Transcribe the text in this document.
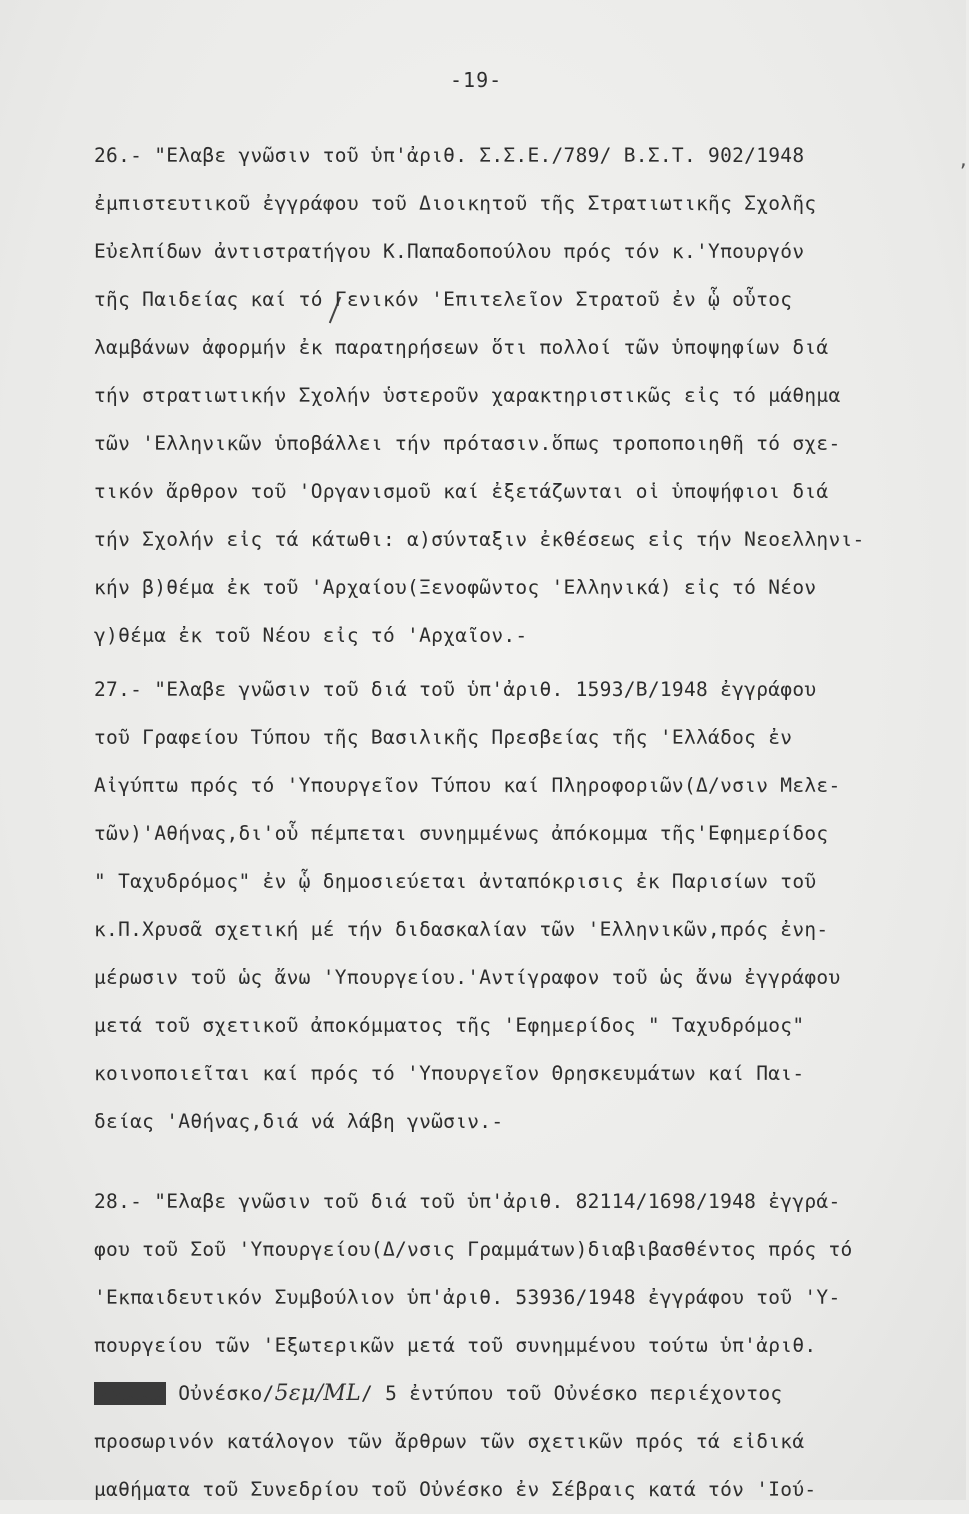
-19-
,
26.- "Ελαβε γνῶσιν τοῦ ὑπ'ἀριθ. Σ.Σ.Ε./789/ Β.Σ.Τ. 902/1948
ἐμπιστευτικοῦ ἐγγράφου τοῦ Διοικητοῦ τῆς Στρατιωτικῆς Σχολῆς
Εὐελπίδων ἀντιστρατήγου Κ.Παπαδοπούλου πρός τόν κ.'Υπουργόν
τῆς Παιδείας καί τό Γενικόν 'Επιτελεῖον Στρατοῦ ἐν ᾧ οὗτος
λαμβάνων ἀφορμήν ἐκ παρατηρήσεων ὅτι πολλοί τῶν ὑποψηφίων διά
τήν στρατιωτικήν Σχολήν ὑστεροῦν χαρακτηριστικῶς εἰς τό μάθημα
τῶν 'Ελληνικῶν ὑποβάλλει τήν πρότασιν.ὅπως τροποποιηθῆ τό σχε-
τικόν ἄρθρον τοῦ 'Οργανισμοῦ καί ἐξετάζωνται οἱ ὑποψήφιοι διά
τήν Σχολήν εἰς τά κάτωθι: α)σύνταξιν ἐκθέσεως εἰς τήν Νεοελληνι-
κήν β)θέμα ἐκ τοῦ 'Αρχαίου(Ξενοφῶντος 'Ελληνικά) εἰς τό Νέον
γ)θέμα ἐκ τοῦ Νέου εἰς τό 'Αρχαῖον.-
27.- "Ελαβε γνῶσιν τοῦ διά τοῦ ὑπ'ἀριθ. 1593/Β/1948 ἐγγράφου
τοῦ Γραφείου Τύπου τῆς Βασιλικῆς Πρεσβείας τῆς 'Ελλάδος ἐν
Αἰγύπτω πρός τό 'Υπουργεῖον Τύπου καί Πληροφοριῶν(Δ/νσιν Μελε-
τῶν)'Αθήνας,δι'οὗ πέμπεται συνημμένως ἀπόκομμα τῆς'Εφημερίδος
" Ταχυδρόμος" ἐν ᾧ δημοσιεύεται ἀνταπόκρισις ἐκ Παρισίων τοῦ
κ.Π.Χρυσᾶ σχετική μέ τήν διδασκαλίαν τῶν 'Ελληνικῶν,πρός ἐνη-
μέρωσιν τοῦ ὡς ἄνω 'Υπουργείου.'Αντίγραφον τοῦ ὡς ἄνω ἐγγράφου
μετά τοῦ σχετικοῦ ἀποκόμματος τῆς 'Εφημερίδος " Ταχυδρόμος"
κοινοποιεῖται καί πρός τό 'Υπουργεῖον Θρησκευμάτων καί Παι-
δείας 'Αθήνας,διά νά λάβη γνῶσιν.-
28.- "Ελαβε γνῶσιν τοῦ διά τοῦ ὑπ'ἀριθ. 82114/1698/1948 ἐγγρά-
φου τοῦ Σοῦ 'Υπουργείου(Δ/νσις Γραμμάτων)διαβιβασθέντος πρός τό
'Εκπαιδευτικόν Συμβούλιον ὑπ'ἀριθ. 53936/1948 ἐγγράφου τοῦ 'Υ-
πουργείου τῶν 'Εξωτερικῶν μετά τοῦ συνημμένου τούτω ὑπ'ἀριθ.
XXXXX Οὐνέσκο/5εμ/ΜL/ 5 ἐντύπου τοῦ Οὐνέσκο περιέχοντος
προσωρινόν κατάλογον τῶν ἄρθρων τῶν σχετικῶν πρός τά εἰδικά
μαθήματα τοῦ Συνεδρίου τοῦ Οὐνέσκο ἐν Σέβραις κατά τόν 'Ιού-
